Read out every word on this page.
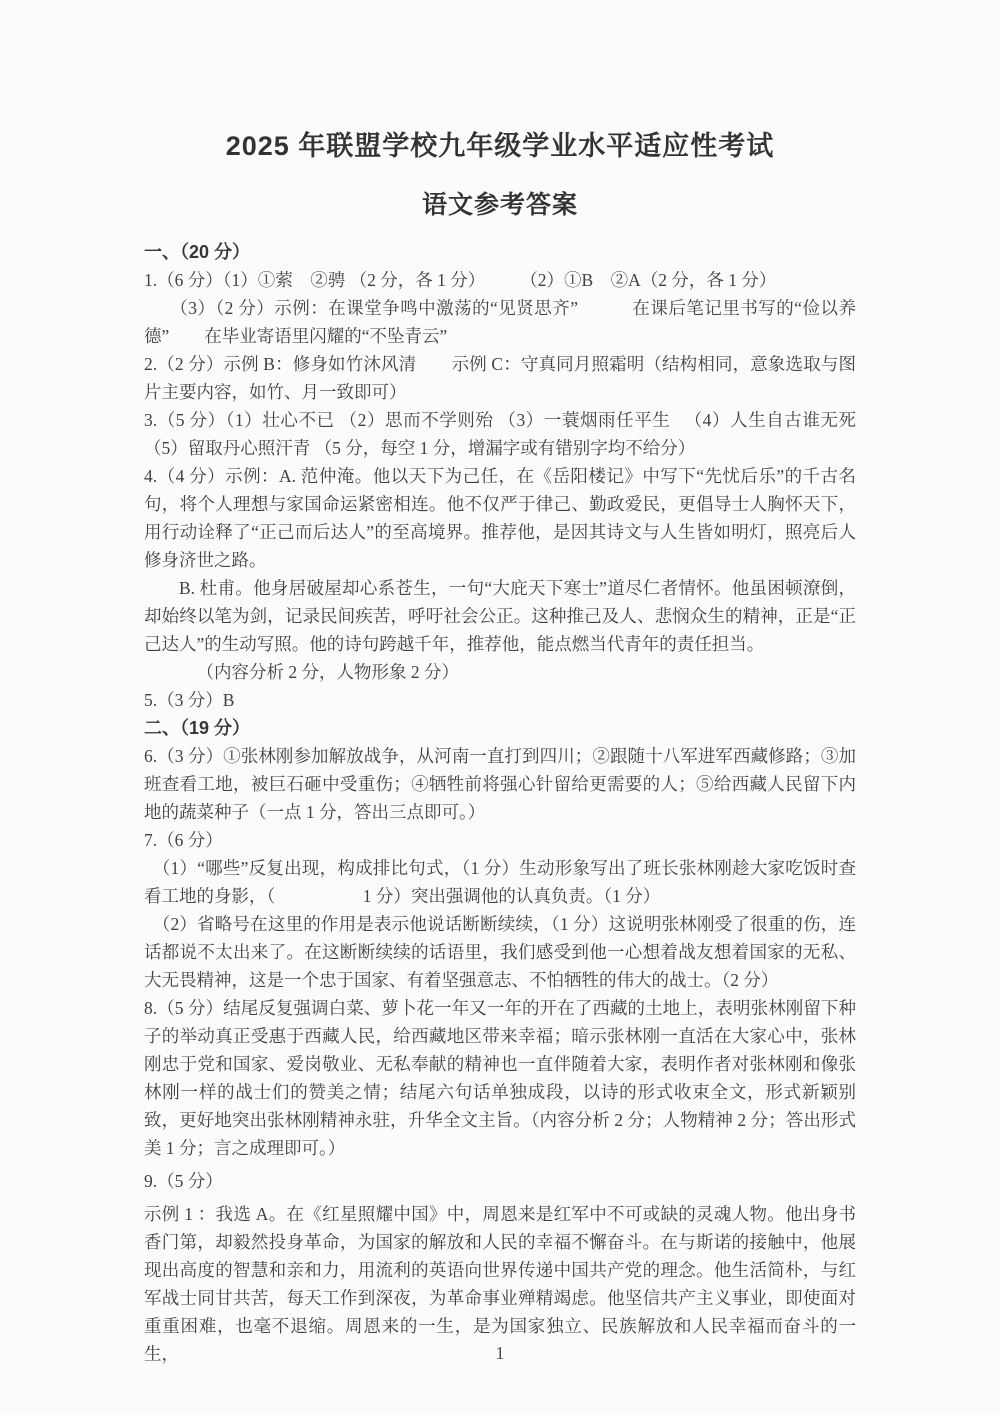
2025 年联盟学校九年级学业水平适应性考试
语文参考答案

一、（20 分）

1.（6 分）（1）①萦　②骋 （2 分，各 1 分）　　　（2）①B　②A（2 分，各 1 分）

（3）（2 分）示例：在课堂争鸣中激荡的“见贤思齐”　　　在课后笔记里书写的“俭以养德”　　在毕业寄语里闪耀的“不坠青云”

2.（2 分）示例 B：修身如竹沐风清　　示例 C：守真同月照霜明（结构相同，意象选取与图片主要内容，如竹、月一致即可）

3.（5 分）（1）壮心不已 （2）思而不学则殆 （3）一蓑烟雨任平生 　（4）人生自古谁无死（5）留取丹心照汗青 （5 分，每空 1 分，增漏字或有错别字均不给分）

4.（4 分）示例：A. 范仲淹。他以天下为己任，在《岳阳楼记》中写下“先忧后乐”的千古名句，将个人理想与家国命运紧密相连。他不仅严于律己、勤政爱民，更倡导士人胸怀天下，用行动诠释了“正己而后达人”的至高境界。推荐他，是因其诗文与人生皆如明灯，照亮后人修身济世之路。

B. 杜甫。他身居破屋却心系苍生，一句“大庇天下寒士”道尽仁者情怀。他虽困顿潦倒，却始终以笔为剑，记录民间疾苦，呼吁社会公正。这种推己及人、悲悯众生的精神，正是“正己达人”的生动写照。他的诗句跨越千年，推荐他，能点燃当代青年的责任担当。

（内容分析 2 分，人物形象 2 分）

5.（3 分）B

二、（19 分）

6.（3 分）①张林刚参加解放战争，从河南一直打到四川；②跟随十八军进军西藏修路；③加班查看工地，被巨石砸中受重伤；④牺牲前将强心针留给更需要的人；⑤给西藏人民留下内地的蔬菜种子（一点 1 分，答出三点即可。）

7.（6 分）

（1）“哪些”反复出现，构成排比句式，（1 分）生动形象写出了班长张林刚趁大家吃饭时查看工地的身影，（　　　　　1 分）突出强调他的认真负责。（1 分）

（2）省略号在这里的作用是表示他说话断断续续，（1 分）这说明张林刚受了很重的伤，连话都说不太出来了。在这断断续续的话语里，我们感受到他一心想着战友想着国家的无私、大无畏精神，这是一个忠于国家、有着坚强意志、不怕牺牲的伟大的战士。（2 分）

8.（5 分）结尾反复强调白菜、萝卜花一年又一年的开在了西藏的土地上，表明张林刚留下种子的举动真正受惠于西藏人民，给西藏地区带来幸福；暗示张林刚一直活在大家心中，张林刚忠于党和国家、爱岗敬业、无私奉献的精神也一直伴随着大家，表明作者对张林刚和像张林刚一样的战士们的赞美之情；结尾六句话单独成段，以诗的形式收束全文，形式新颖别致，更好地突出张林刚精神永驻，升华全文主旨。（内容分析 2 分；人物精神 2 分；答出形式美 1 分；言之成理即可。）

9.（5 分）

示例 1 ：我选 A。在《红星照耀中国》中，周恩来是红军中不可或缺的灵魂人物。他出身书香门第，却毅然投身革命，为国家的解放和人民的幸福不懈奋斗。在与斯诺的接触中，他展现出高度的智慧和亲和力，用流利的英语向世界传递中国共产党的理念。他生活简朴，与红军战士同甘共苦，每天工作到深夜，为革命事业殚精竭虑。他坚信共产主义事业，即使面对重重困难，也毫不退缩。周恩来的一生，是为国家独立、民族解放和人民幸福而奋斗的一生，	1
